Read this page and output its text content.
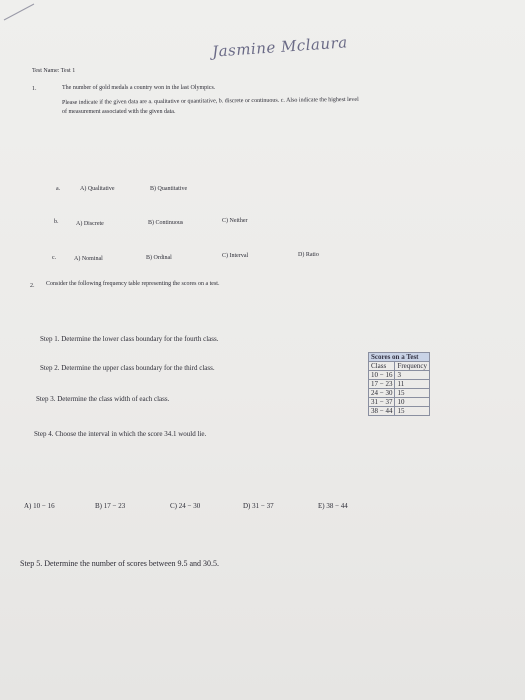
Test Name: Test 1
Jasmine Mclaura
1.	The number of gold medals a country won in the last Olympics.
Please indicate if the given data are a. qualitative or quantitative, b. discrete or continuous. c. Also indicate the highest level
of measurement associated with the given data.
a.	A) Qualitative	B) Quantitative
b.	A) Discrete	B) Continuous	C) Neither
c.	A) Nominal	B) Ordinal	C) Interval	D) Ratio
2. Consider the following frequency table representing the scores on a test.
Step 1. Determine the lower class boundary for the fourth class.
Step 2. Determine the upper class boundary for the third class.
Step 3. Determine the class width of each class.
Step 4. Choose the interval in which the score 34.1 would lie.
Scores on a Test	
Class	Frequency
10 − 16	3
17 − 23	11
24 − 30	15
31 − 37	10
38 − 44	15
A) 10 − 16	B) 17 − 23	C) 24 − 30	D) 31 − 37	E) 38 − 44
Step 5. Determine the number of scores between 9.5 and 30.5.
